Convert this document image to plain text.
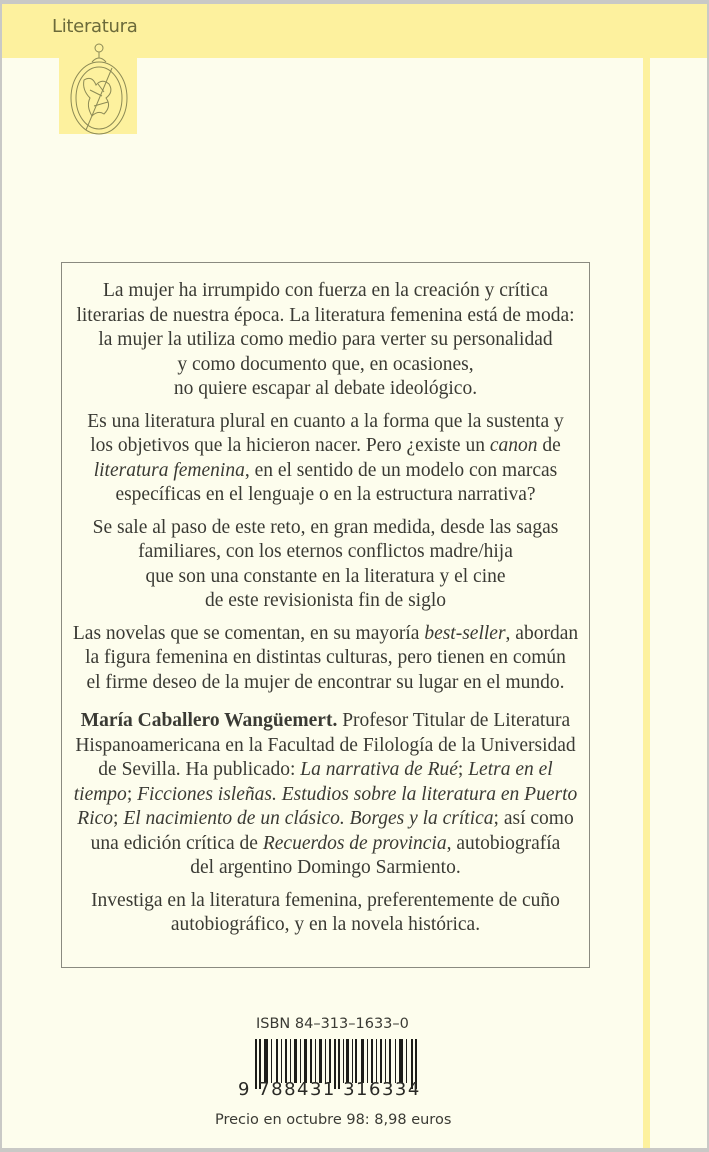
Literatura

La mujer ha irrumpido con fuerza en la creación y crítica
literarias de nuestra época. La literatura femenina está de moda:
la mujer la utiliza como medio para verter su personalidad
y como documento que, en ocasiones,
no quiere escapar al debate ideológico.

Es una literatura plural en cuanto a la forma que la sustenta y
los objetivos que la hicieron nacer. Pero ¿existe un canon de
literatura femenina, en el sentido de un modelo con marcas
específicas en el lenguaje o en la estructura narrativa?

Se sale al paso de este reto, en gran medida, desde las sagas
familiares, con los eternos conflictos madre/hija
que son una constante en la literatura y el cine
de este revisionista fin de siglo

Las novelas que se comentan, en su mayoría best-seller, abordan
la figura femenina en distintas culturas, pero tienen en común
el firme deseo de la mujer de encontrar su lugar en el mundo.

María Caballero Wangüemert. Profesor Titular de Literatura
Hispanoamericana en la Facultad de Filología de la Universidad
de Sevilla. Ha publicado: La narrativa de Rué; Letra en el
tiempo; Ficciones isleñas. Estudios sobre la literatura en Puerto
Rico; El nacimiento de un clásico. Borges y la crítica; así como
una edición crítica de Recuerdos de provincia, autobiografía
del argentino Domingo Sarmiento.

Investiga en la literatura femenina, preferentemente de cuño
autobiográfico, y en la novela histórica.

ISBN 84–313–1633–0
9 788431 316334
Precio en octubre 98: 8,98 euros
